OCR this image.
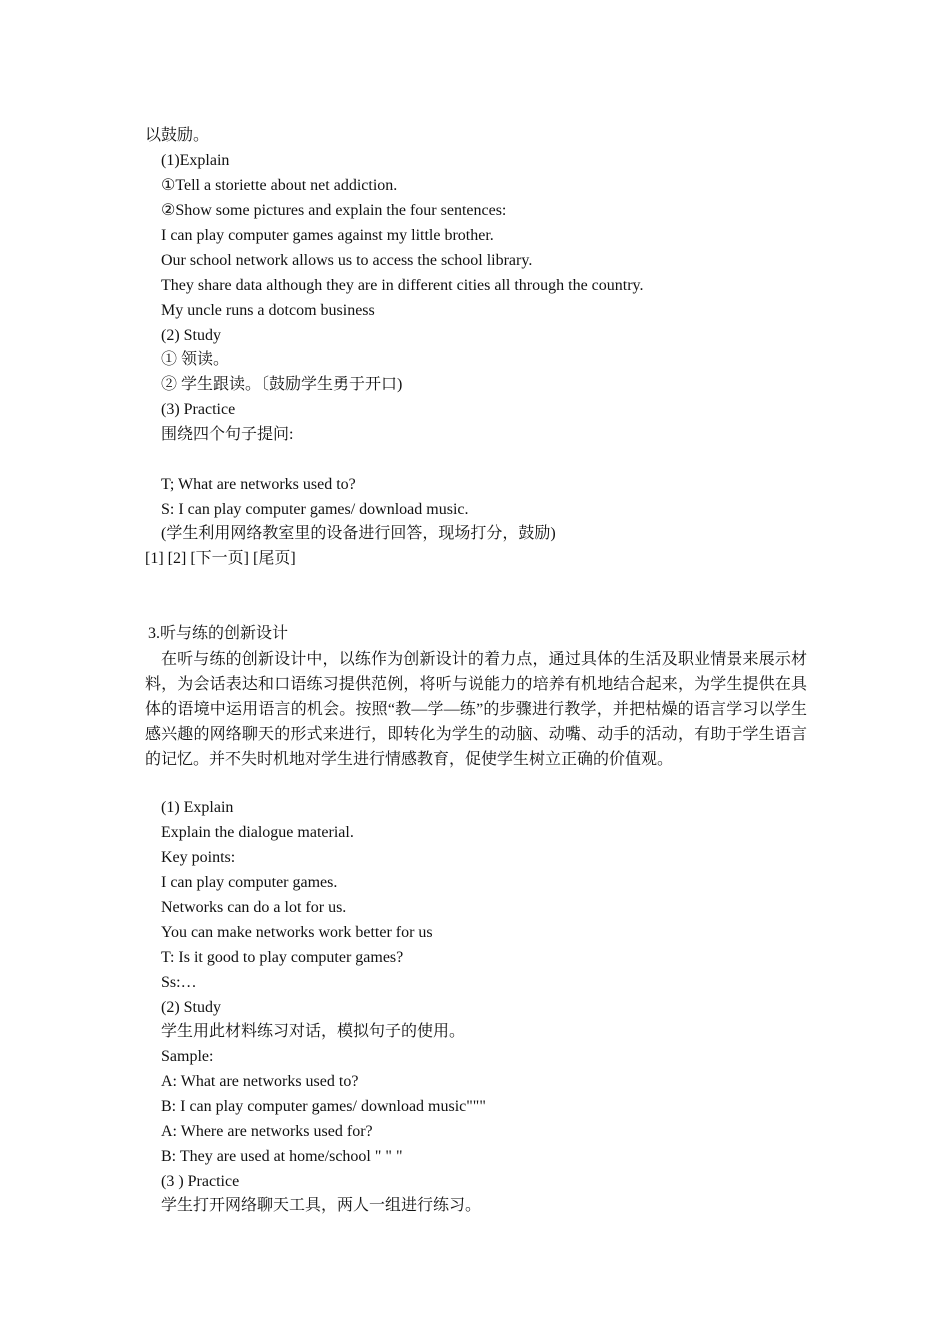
以鼓励。
(1)Explain
①Tell a storiette about net addiction.
②Show some pictures and explain the four sentences:
I can play computer games against my little brother.
Our school network allows us to access the school library.
They share data although they are in different cities all through the country.
My uncle runs a dotcom business
(2) Study
① 领读。
② 学生跟读。〔鼓励学生勇于开口)
(3) Practice
围绕四个句子提问:
T; What are networks used to?
S: I can play computer games/ download music.
(学生利用网络教室里的设备进行回答，现场打分，鼓励)
[1] [2] [下一页] [尾页]
3.听与练的创新设计
在听与练的创新设计中，以练作为创新设计的着力点，通过具体的生活及职业情景来展示材料，为会话表达和口语练习提供范例，将听与说能力的培养有机地结合起来，为学生提供在具体的语境中运用语言的机会。按照“教—学—练”的步骤进行教学，并把枯燥的语言学习以学生感兴趣的网络聊天的形式来进行，即转化为学生的动脑、动嘴、动手的活动，有助于学生语言的记忆。并不失时机地对学生进行情感教育，促使学生树立正确的价值观。
(1) Explain
Explain the dialogue material.
Key points:
I can play computer games.
Networks can do a lot for us.
You can make networks work better for us
T: Is it good to play computer games?
Ss:…
(2) Study
学生用此材料练习对话，模拟句子的使用。
Sample:
A: What are networks used to?
B: I can play computer games/ download music"""
A: Where are networks used for?
B: They are used at home/school " " "
(3 ) Practice
学生打开网络聊天工具，两人一组进行练习。
